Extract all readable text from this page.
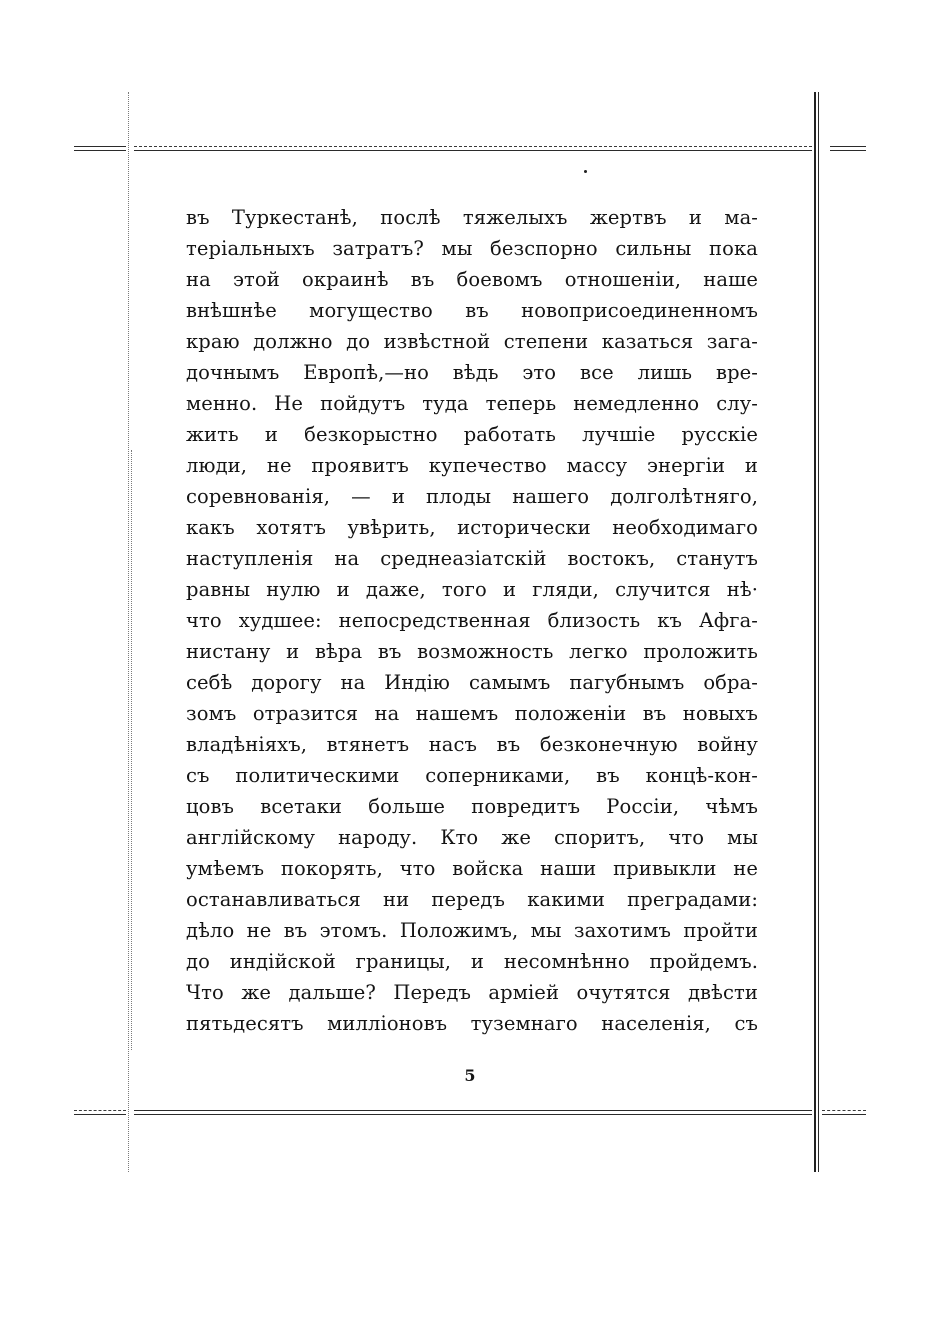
въ Туркестанѣ, послѣ тяжелыхъ жертвъ и ма-
теріальныхъ затратъ? мы безспорно сильны пока
на этой окраинѣ въ боевомъ отношеніи, наше
внѣшнѣе могущество въ новоприсоединенномъ
краю должно до извѣстной степени казаться зага-
дочнымъ Европѣ,—но вѣдь это все лишь вре-
менно. Не пойдутъ туда теперь немедленно слу-
жить и безкорыстно работать лучшіе русскіе
люди, не проявитъ купечество массу энергіи и
соревнованія, — и плоды нашего долголѣтняго,
какъ хотятъ увѣрить, исторически необходимаго
наступленія на среднеазіатскій востокъ, станутъ
равны нулю и даже, того и гляди, случится нѣ·
что худшее: непосредственная близость къ Афга-
нистану и вѣра въ возможность легко проложить
себѣ дорогу на Индію самымъ пагубнымъ обра-
зомъ отразится на нашемъ положеніи въ новыхъ
владѣніяхъ, втянетъ насъ въ безконечную войну
съ политическими соперниками, въ концѣ-кон-
цовъ всетаки больше повредитъ Россіи, чѣмъ
англійскому народу. Кто же споритъ, что мы
умѣемъ покорять, что войска наши привыкли не
останавливаться ни передъ какими преградами:
дѣло не въ этомъ. Положимъ, мы захотимъ пройти
до индійской границы, и несомнѣнно пройдемъ.
Что же дальше? Передъ арміей очутятся двѣсти
пятьдесятъ милліоновъ туземнаго населенія, съ
5
